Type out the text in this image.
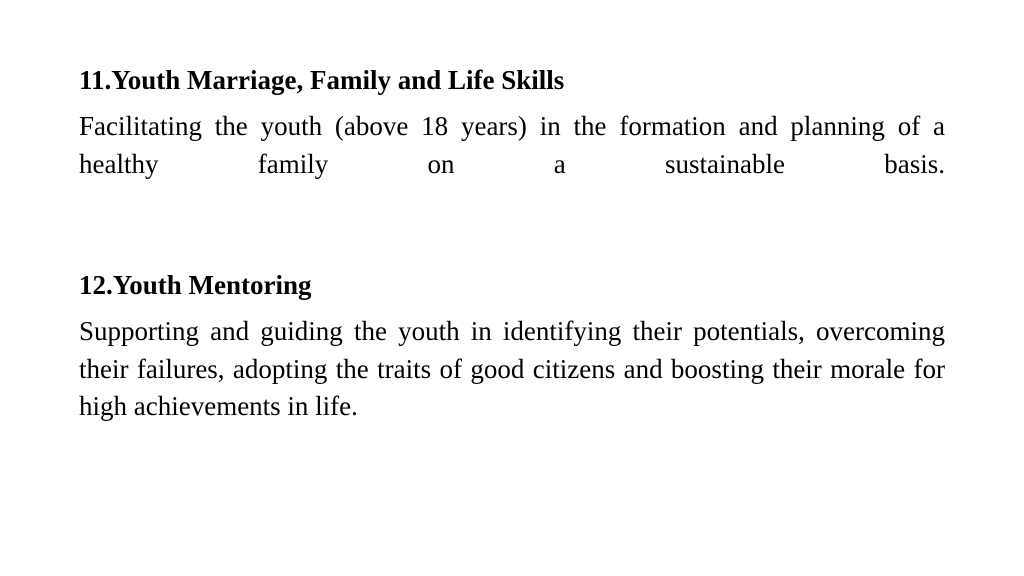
11.Youth Marriage, Family and Life Skills

Facilitating the youth (above 18 years) in the formation and planning of a healthy family on a sustainable basis.

12.Youth Mentoring

Supporting and guiding the youth in identifying their potentials, overcoming their failures, adopting the traits of good citizens and boosting their morale for high achievements in life.
